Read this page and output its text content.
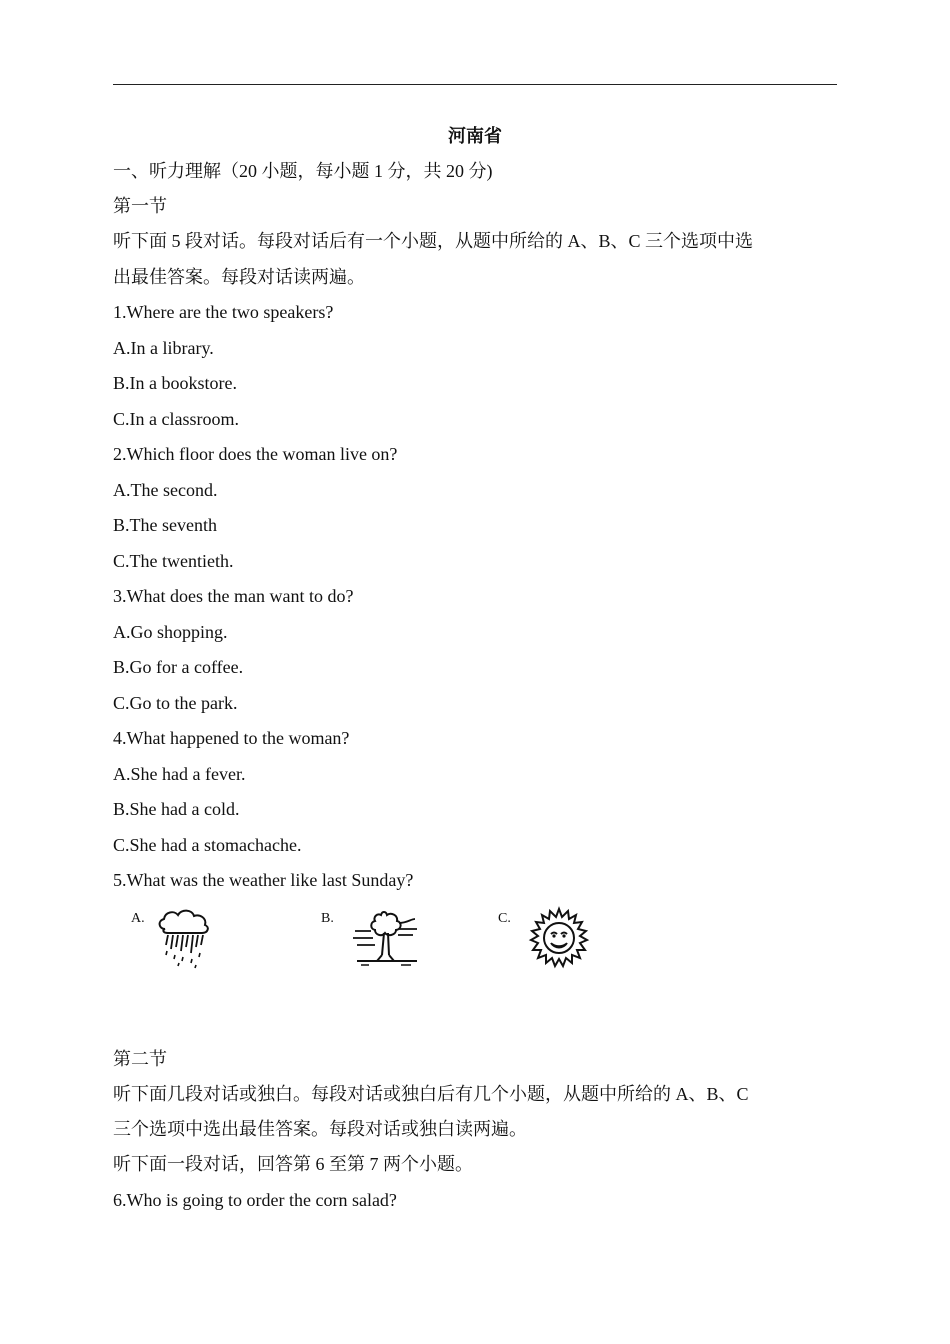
河南省
一、听力理解（20 小题，每小题 1 分，共 20 分)
第一节
听下面 5 段对话。每段对话后有一个小题，从题中所给的 A、B、C 三个选项中选
出最佳答案。每段对话读两遍。
1.Where are the two speakers?
A.In a library.
B.In a bookstore.
C.In a classroom.
2.Which floor does the woman live on?
A.The second.
B.The seventh
C.The twentieth.
3.What does the man want to do?
A.Go shopping.
B.Go for a coffee.
C.Go to the park.
4.What happened to the woman?
A.She had a fever.
B.She had a cold.
C.She had a stomachache.
5.What was the weather like last Sunday?
A.	B.	C.
第二节
听下面几段对话或独白。每段对话或独白后有几个小题，从题中所给的 A、B、C
三个选项中选出最佳答案。每段对话或独白读两遍。
听下面一段对话，回答第 6 至第 7 两个小题。
6.Who is going to order the corn salad?
